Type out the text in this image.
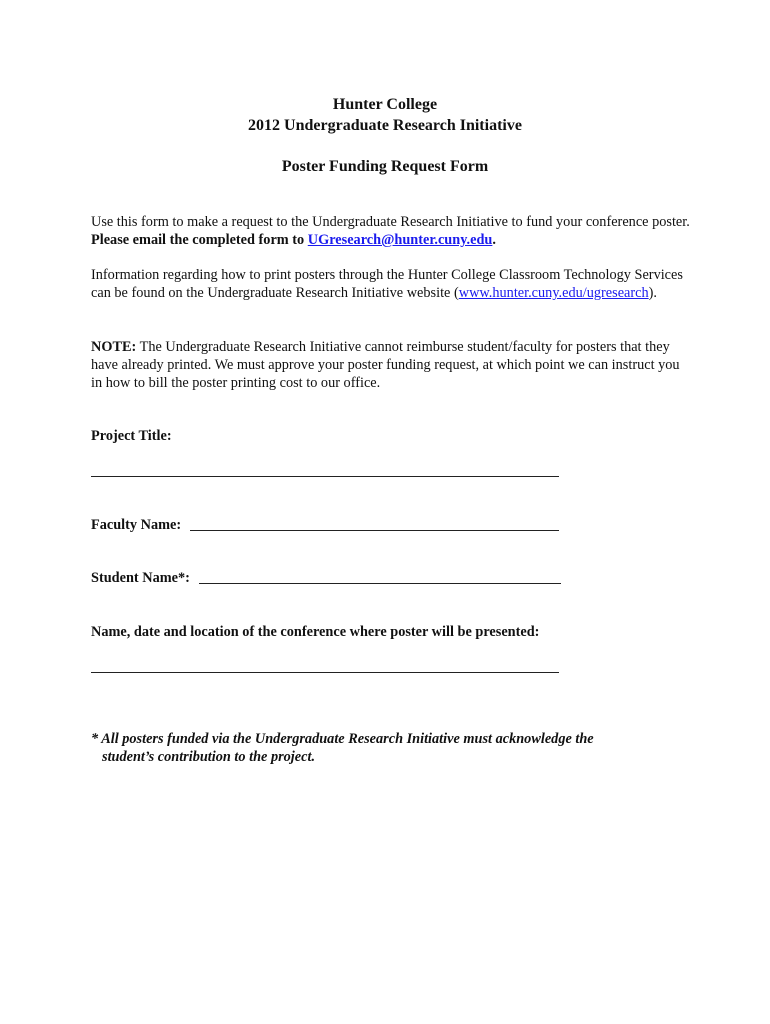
Hunter College
2012 Undergraduate Research Initiative
Poster Funding Request Form
Use this form to make a request to the Undergraduate Research Initiative to fund your conference poster. Please email the completed form to UGresearch@hunter.cuny.edu.
Information regarding how to print posters through the Hunter College Classroom Technology Services can be found on the Undergraduate Research Initiative website (www.hunter.cuny.edu/ugresearch).
NOTE: The Undergraduate Research Initiative cannot reimburse student/faculty for posters that they have already printed. We must approve your poster funding request, at which point we can instruct you in how to bill the poster printing cost to our office.
Project Title:
Faculty Name:
Student Name*:
Name, date and location of the conference where poster will be presented:
* All posters funded via the Undergraduate Research Initiative must acknowledge the
student’s contribution to the project.
